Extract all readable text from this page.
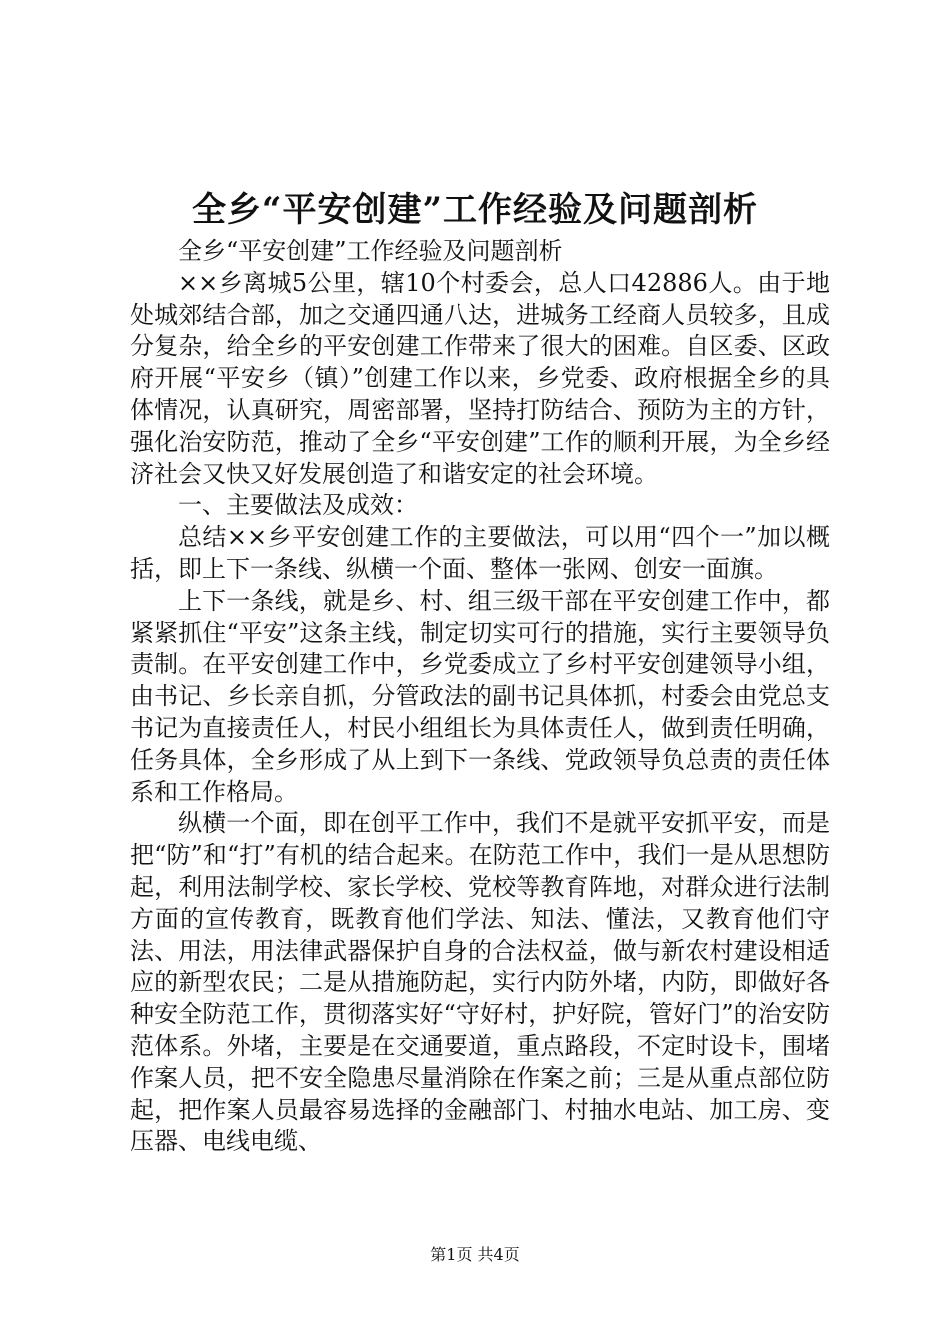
全乡“平安创建”工作经验及问题剖析

全乡“平安创建”工作经验及问题剖析

××乡离城5公里，辖10个村委会，总人口42886人。由于地处城郊结合部，加之交通四通八达，进城务工经商人员较多，且成分复杂，给全乡的平安创建工作带来了很大的困难。自区委、区政府开展“平安乡（镇）”创建工作以来，乡党委、政府根据全乡的具体情况，认真研究，周密部署，坚持打防结合、预防为主的方针，强化治安防范，推动了全乡“平安创建”工作的顺利开展，为全乡经济社会又快又好发展创造了和谐安定的社会环境。

一、主要做法及成效：

总结××乡平安创建工作的主要做法，可以用“四个一”加以概括，即上下一条线、纵横一个面、整体一张网、创安一面旗。

上下一条线，就是乡、村、组三级干部在平安创建工作中，都紧紧抓住“平安”这条主线，制定切实可行的措施，实行主要领导负责制。在平安创建工作中，乡党委成立了乡村平安创建领导小组，由书记、乡长亲自抓，分管政法的副书记具体抓，村委会由党总支书记为直接责任人，村民小组组长为具体责任人，做到责任明确，任务具体，全乡形成了从上到下一条线、党政领导负总责的责任体系和工作格局。

纵横一个面，即在创平工作中，我们不是就平安抓平安，而是把“防”和“打”有机的结合起来。在防范工作中，我们一是从思想防起，利用法制学校、家长学校、党校等教育阵地，对群众进行法制方面的宣传教育，既教育他们学法、知法、懂法，又教育他们守法、用法，用法律武器保护自身的合法权益，做与新农村建设相适应的新型农民；二是从措施防起，实行内防外堵，内防，即做好各种安全防范工作，贯彻落实好“守好村，护好院，管好门”的治安防范体系。外堵，主要是在交通要道，重点路段，不定时设卡，围堵作案人员，把不安全隐患尽量消除在作案之前；三是从重点部位防起，把作案人员最容易选择的金融部门、村抽水电站、加工房、变压器、电线电缆、

第1页 共4页
